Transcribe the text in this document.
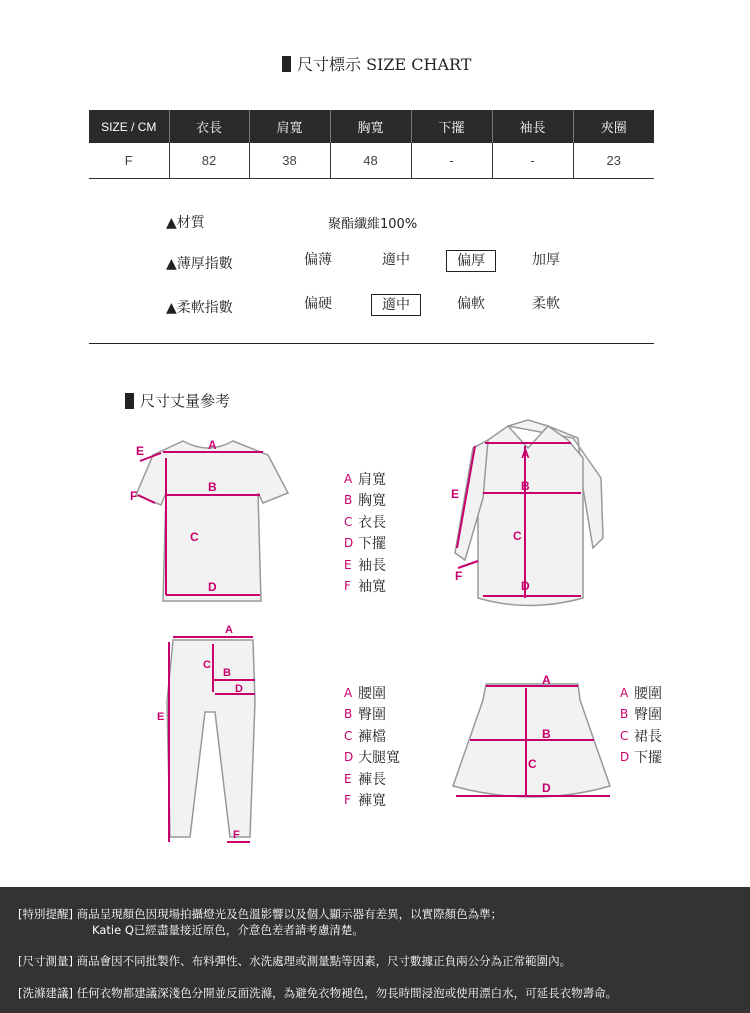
尺寸標示 SIZE CHART
SIZE / CM	衣長	肩寬	胸寬	下擺	袖長	夾圈
F	82	38	48	-	-	23
▲材質	聚酯纖維100%
▲薄厚指數	偏薄	適中	偏厚	加厚
▲柔軟指數	偏硬	適中	偏軟	柔軟
尺寸丈量參考
A
B
C
D
E
F
A 肩寬
B 胸寬
C 衣長
D 下擺
E 袖長
F 袖寬
A
B
C
D
E
F
A
C
B
D
E
F
A 腰圍
B 臀圍
C 褲檔
D 大腿寬
E 褲長
F 褲寬
A
B
C
D
A 腰圍
B 臀圍
C 裙長
D 下擺
[特別提醒] 商品呈現顏色因現場拍攝燈光及色溫影響以及個人顯示器有差異，以實際顏色為準；
Katie Q已經盡量接近原色，介意色差者請考慮清楚。
[尺寸測量] 商品會因不同批製作、布料彈性、水洗處理或測量點等因素，尺寸數據正負兩公分為正常範圍內。
[洗滌建議] 任何衣物都建議深淺色分開並反面洗滌，為避免衣物褪色，勿長時間浸泡或使用漂白水，可延長衣物壽命。
